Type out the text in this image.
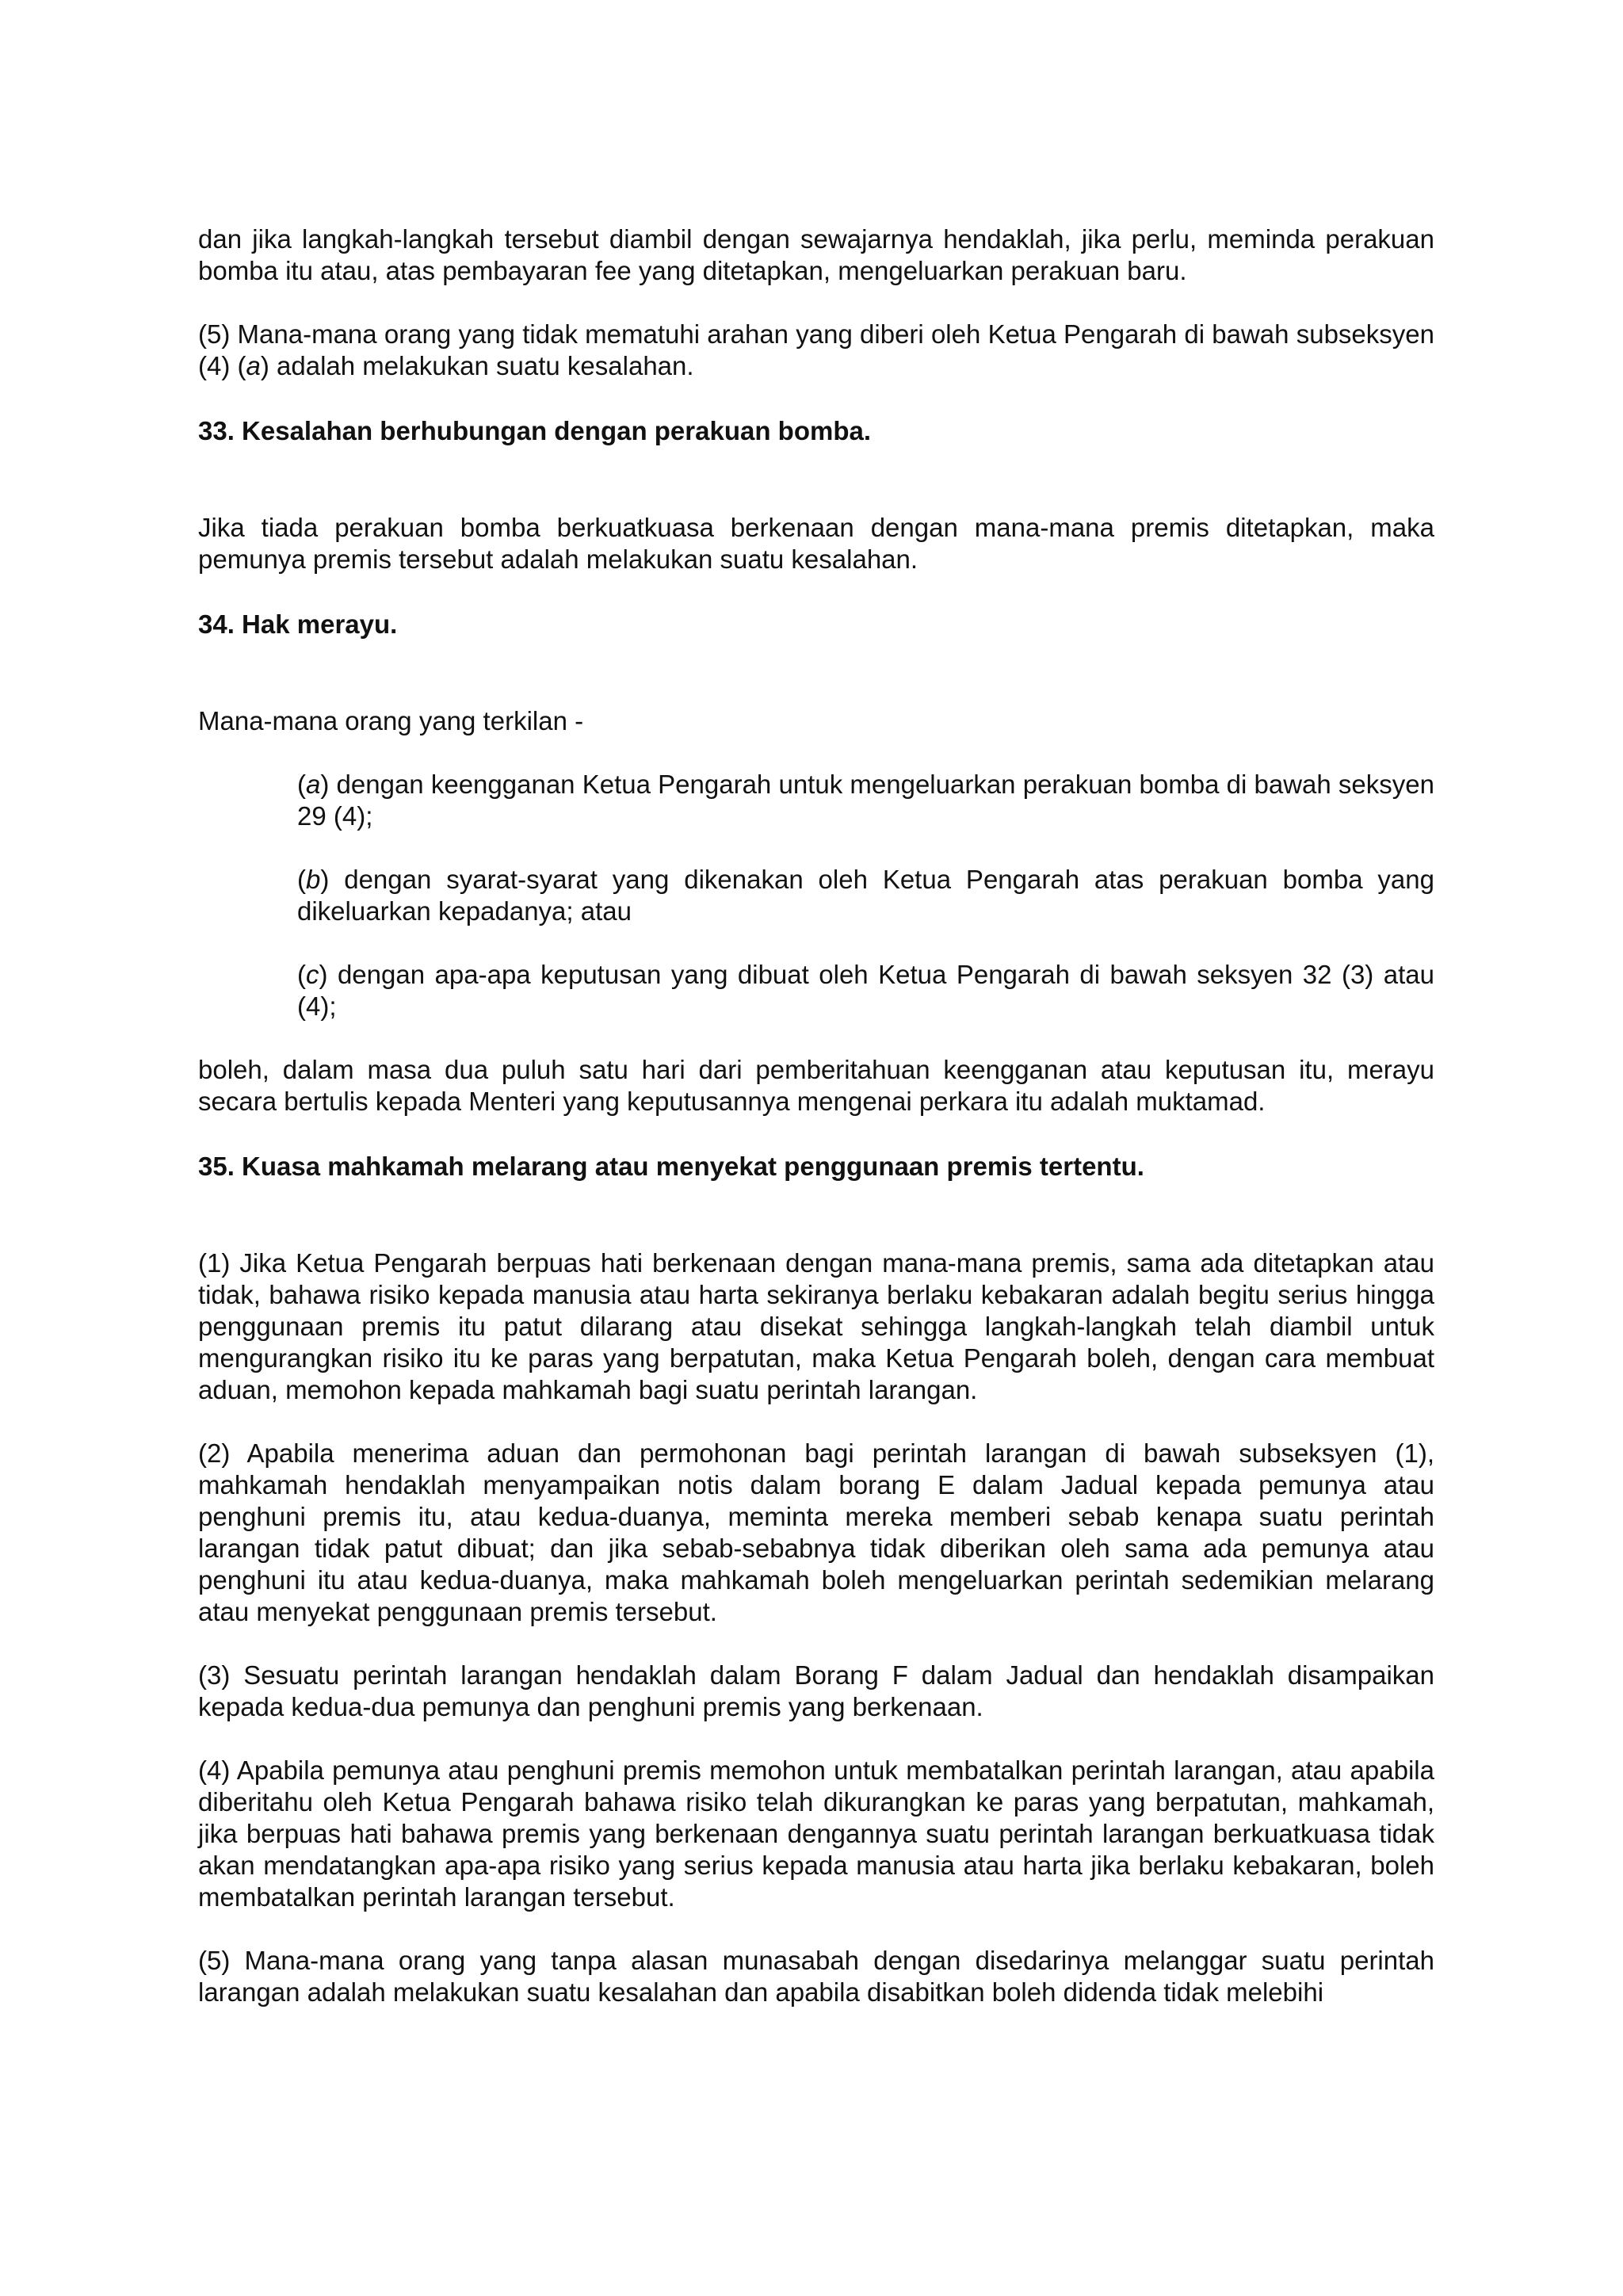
dan jika langkah-langkah tersebut diambil dengan sewajarnya hendaklah, jika perlu, meminda perakuan bomba itu atau, atas pembayaran fee yang ditetapkan, mengeluarkan perakuan baru.

(5) Mana-mana orang yang tidak mematuhi arahan yang diberi oleh Ketua Pengarah di bawah subseksyen (4) (a) adalah melakukan suatu kesalahan.

33. Kesalahan berhubungan dengan perakuan bomba.

Jika tiada perakuan bomba berkuatkuasa berkenaan dengan mana-mana premis ditetapkan, maka pemunya premis tersebut adalah melakukan suatu kesalahan.

34. Hak merayu.

Mana-mana orang yang terkilan -

(a) dengan keengganan Ketua Pengarah untuk mengeluarkan perakuan bomba di bawah seksyen 29 (4);

(b) dengan syarat-syarat yang dikenakan oleh Ketua Pengarah atas perakuan bomba yang dikeluarkan kepadanya; atau

(c) dengan apa-apa keputusan yang dibuat oleh Ketua Pengarah di bawah seksyen 32 (3) atau (4);

boleh, dalam masa dua puluh satu hari dari pemberitahuan keengganan atau keputusan itu, merayu secara bertulis kepada Menteri yang keputusannya mengenai perkara itu adalah muktamad.

35. Kuasa mahkamah melarang atau menyekat penggunaan premis tertentu.

(1) Jika Ketua Pengarah berpuas hati berkenaan dengan mana-mana premis, sama ada ditetapkan atau tidak, bahawa risiko kepada manusia atau harta sekiranya berlaku kebakaran adalah begitu serius hingga penggunaan premis itu patut dilarang atau disekat sehingga langkah-langkah telah diambil untuk mengurangkan risiko itu ke paras yang berpatutan, maka Ketua Pengarah boleh, dengan cara membuat aduan, memohon kepada mahkamah bagi suatu perintah larangan.

(2) Apabila menerima aduan dan permohonan bagi perintah larangan di bawah subseksyen (1), mahkamah hendaklah menyampaikan notis dalam borang E dalam Jadual kepada pemunya atau penghuni premis itu, atau kedua-duanya, meminta mereka memberi sebab kenapa suatu perintah larangan tidak patut dibuat; dan jika sebab-sebabnya tidak diberikan oleh sama ada pemunya atau penghuni itu atau kedua-duanya, maka mahkamah boleh mengeluarkan perintah sedemikian melarang atau menyekat penggunaan premis tersebut.

(3) Sesuatu perintah larangan hendaklah dalam Borang F dalam Jadual dan hendaklah disampaikan kepada kedua-dua pemunya dan penghuni premis yang berkenaan.

(4) Apabila pemunya atau penghuni premis memohon untuk membatalkan perintah larangan, atau apabila diberitahu oleh Ketua Pengarah bahawa risiko telah dikurangkan ke paras yang berpatutan, mahkamah, jika berpuas hati bahawa premis yang berkenaan dengannya suatu perintah larangan berkuatkuasa tidak akan mendatangkan apa-apa risiko yang serius kepada manusia atau harta jika berlaku kebakaran, boleh membatalkan perintah larangan tersebut.

(5) Mana-mana orang yang tanpa alasan munasabah dengan disedarinya melanggar suatu perintah larangan adalah melakukan suatu kesalahan dan apabila disabitkan boleh didenda tidak melebihi
